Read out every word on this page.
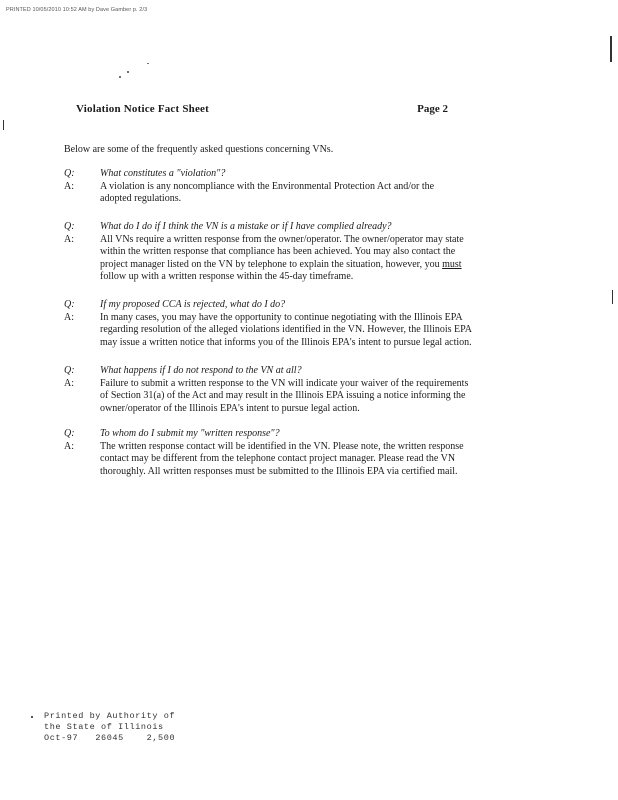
PRINTED 10/05/2010 10:52 AM by Dave Gamber p. 2/3
Violation Notice Fact Sheet	Page 2
Below are some of the frequently asked questions concerning VNs.
Q:	What constitutes a "violation"?
A:	A violation is any noncompliance with the Environmental Protection Act and/or the
adopted regulations.
Q:	What do I do if I think the VN is a mistake or if I have complied already?
A:	All VNs require a written response from the owner/operator. The owner/operator may state
within the written response that compliance has been achieved. You may also contact the
project manager listed on the VN by telephone to explain the situation, however, you must
follow up with a written response within the 45-day timeframe.
Q:	If my proposed CCA is rejected, what do I do?
A:	In many cases, you may have the opportunity to continue negotiating with the Illinois EPA
regarding resolution of the alleged violations identified in the VN. However, the Illinois EPA
may issue a written notice that informs you of the Illinois EPA's intent to pursue legal action.
Q:	What happens if I do not respond to the VN at all?
A:	Failure to submit a written response to the VN will indicate your waiver of the requirements
of Section 31(a) of the Act and may result in the Illinois EPA issuing a notice informing the
owner/operator of the Illinois EPA's intent to pursue legal action.
Q:	To whom do I submit my "written response"?
A:	The written response contact will be identified in the VN. Please note, the written response
contact may be different from the telephone contact project manager. Please read the VN
thoroughly. All written responses must be submitted to the Illinois EPA via certified mail.
Printed by Authority of
the State of Illinois
Oct-97 26045	2,500
